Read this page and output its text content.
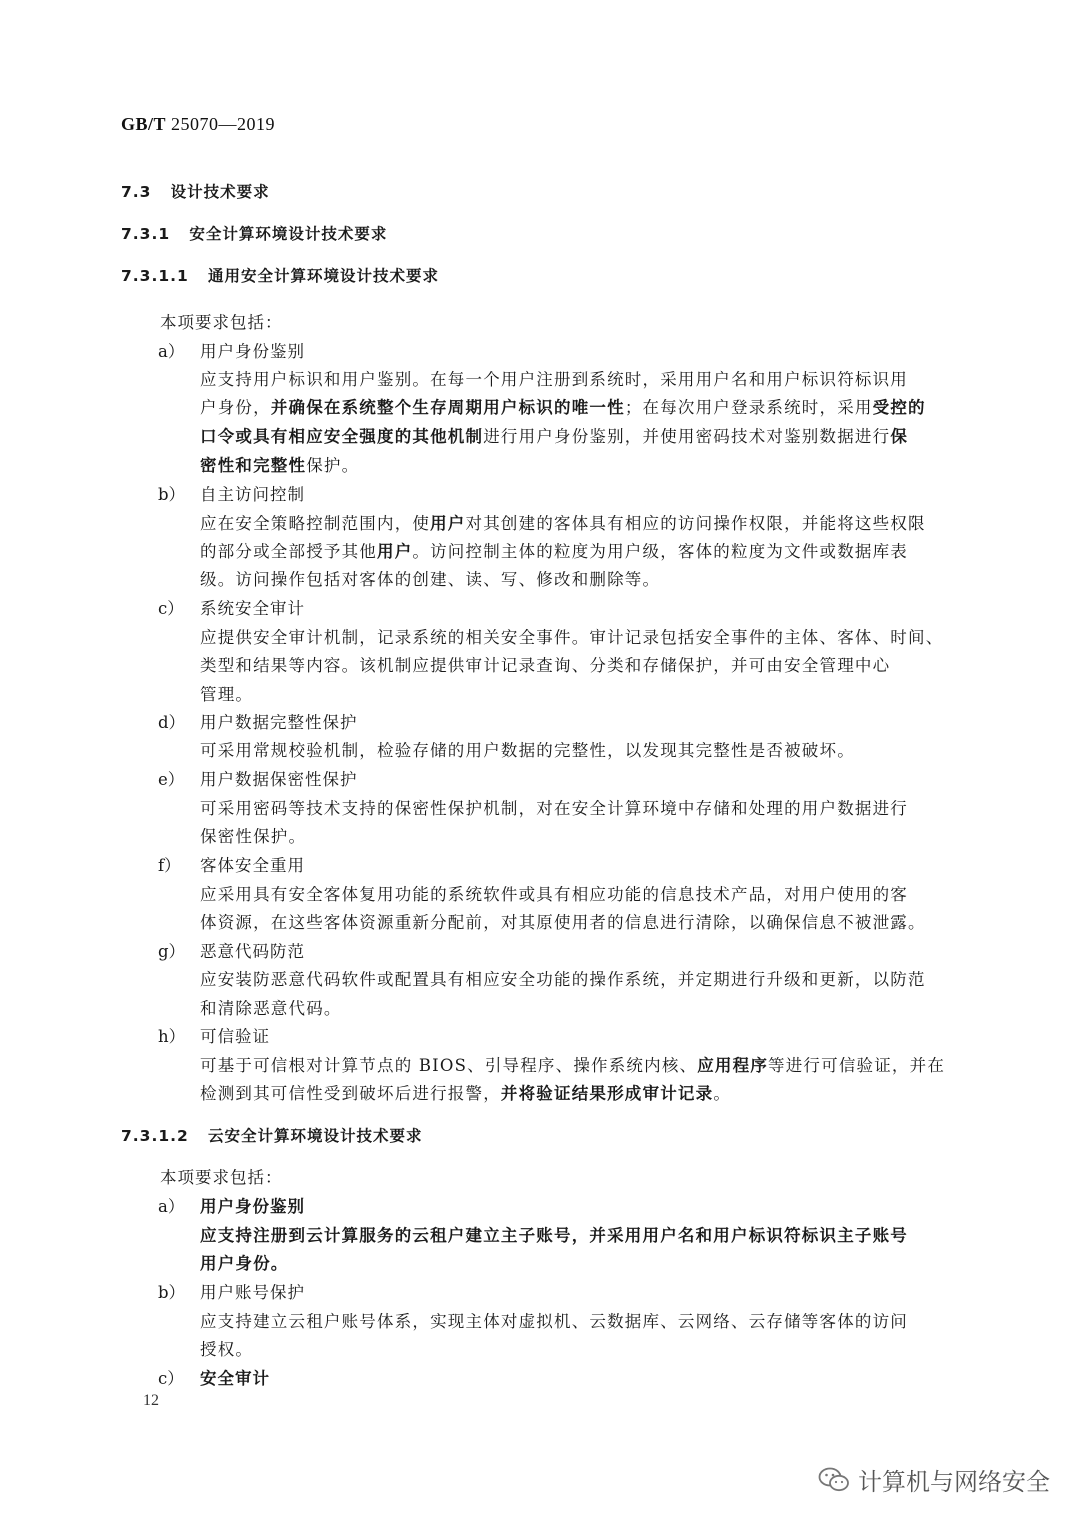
GB/T 25070—2019
7.3 设计技术要求
7.3.1 安全计算环境设计技术要求
7.3.1.1 通用安全计算环境设计技术要求
本项要求包括：
a） 用户身份鉴别
应支持用户标识和用户鉴别。在每一个用户注册到系统时，采用用户名和用户标识符标识用
户身份，并确保在系统整个生存周期用户标识的唯一性；在每次用户登录系统时，采用受控的
口令或具有相应安全强度的其他机制进行用户身份鉴别，并使用密码技术对鉴别数据进行保
密性和完整性保护。
b） 自主访问控制
应在安全策略控制范围内，使用户对其创建的客体具有相应的访问操作权限，并能将这些权限
的部分或全部授予其他用户。访问控制主体的粒度为用户级，客体的粒度为文件或数据库表
级。访问操作包括对客体的创建、读、写、修改和删除等。
c） 系统安全审计
应提供安全审计机制，记录系统的相关安全事件。审计记录包括安全事件的主体、客体、时间、
类型和结果等内容。该机制应提供审计记录查询、分类和存储保护，并可由安全管理中心
管理。
d） 用户数据完整性保护
可采用常规校验机制，检验存储的用户数据的完整性，以发现其完整性是否被破坏。
e） 用户数据保密性保护
可采用密码等技术支持的保密性保护机制，对在安全计算环境中存储和处理的用户数据进行
保密性保护。
f） 客体安全重用
应采用具有安全客体复用功能的系统软件或具有相应功能的信息技术产品，对用户使用的客
体资源，在这些客体资源重新分配前，对其原使用者的信息进行清除，以确保信息不被泄露。
g） 恶意代码防范
应安装防恶意代码软件或配置具有相应安全功能的操作系统，并定期进行升级和更新，以防范
和清除恶意代码。
h） 可信验证
可基于可信根对计算节点的 BIOS、引导程序、操作系统内核、应用程序等进行可信验证，并在
检测到其可信性受到破坏后进行报警，并将验证结果形成审计记录。
7.3.1.2 云安全计算环境设计技术要求
本项要求包括：
a） 用户身份鉴别
应支持注册到云计算服务的云租户建立主子账号，并采用用户名和用户标识符标识主子账号
用户身份。
b） 用户账号保护
应支持建立云租户账号体系，实现主体对虚拟机、云数据库、云网络、云存储等客体的访问
授权。
c） 安全审计
12
计算机与网络安全
